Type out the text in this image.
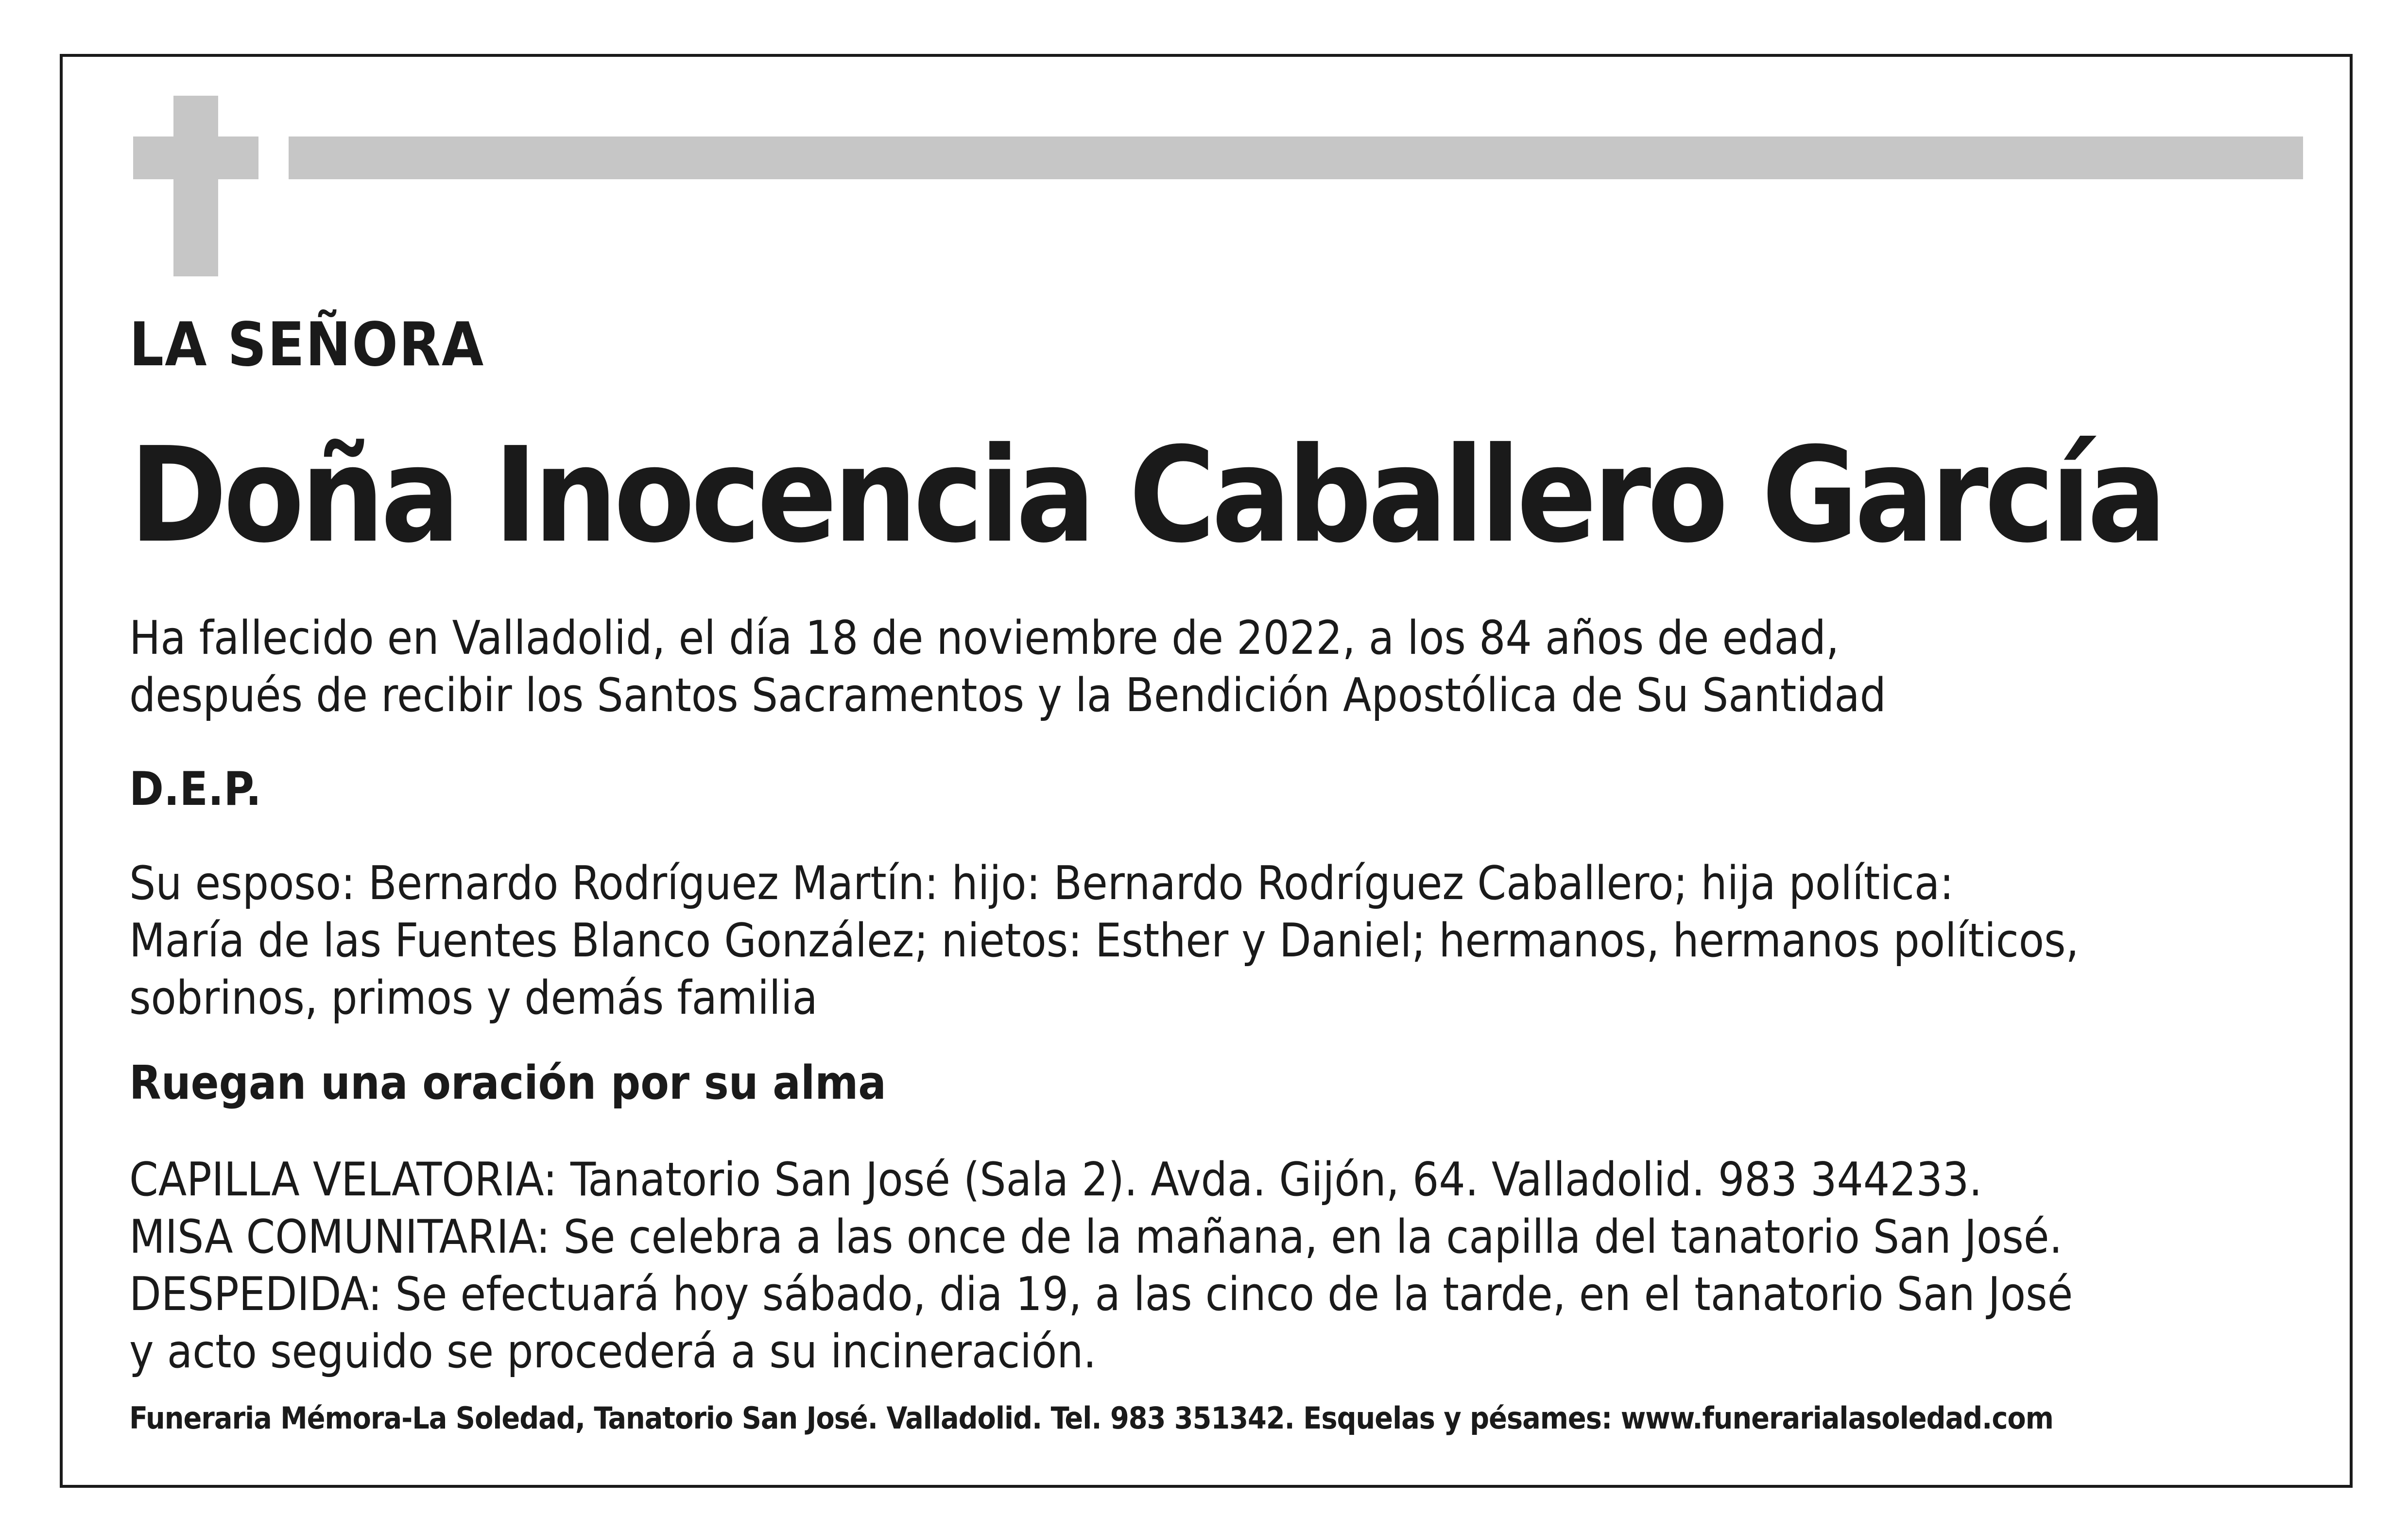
LA SEÑORA

Doña Inocencia Caballero García

Ha fallecido en Valladolid, el día 18 de noviembre de 2022, a los 84 años de edad,
después de recibir los Santos Sacramentos y la Bendición Apostólica de Su Santidad

D.E.P.

Su esposo: Bernardo Rodríguez Martín: hijo: Bernardo Rodríguez Caballero; hija política:
María de las Fuentes Blanco González; nietos: Esther y Daniel; hermanos, hermanos políticos,
sobrinos, primos y demás familia

Ruegan una oración por su alma

CAPILLA VELATORIA: Tanatorio San José (Sala 2). Avda. Gijón, 64. Valladolid. 983 344233.
MISA COMUNITARIA: Se celebra a las once de la mañana, en la capilla del tanatorio San José.
DESPEDIDA: Se efectuará hoy sábado, dia 19, a las cinco de la tarde, en el tanatorio San José
y acto seguido se procederá a su incineración.

Funeraria Mémora-La Soledad, Tanatorio San José. Valladolid. Tel. 983 351342. Esquelas y pésames: www.funerarialasoledad.com
